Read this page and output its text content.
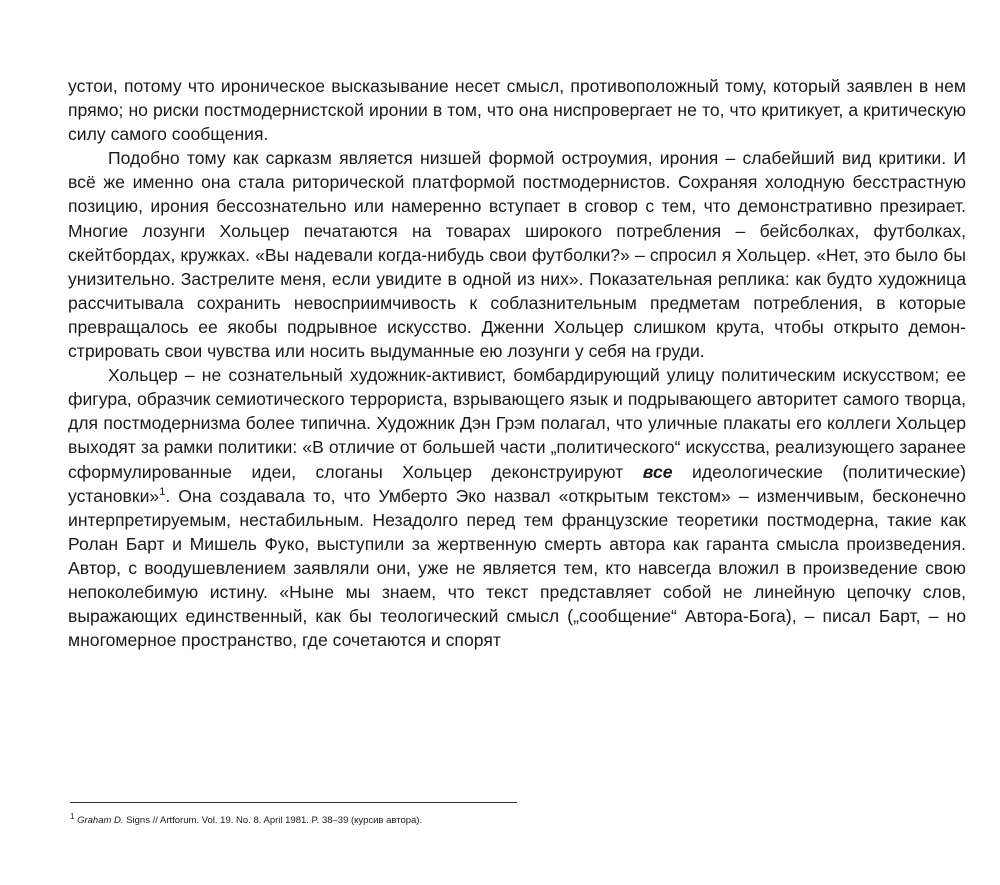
устои, потому что ироническое высказывание несет смысл, противоположный тому, который заявлен в нем прямо; но риски постмодернистской иронии в том, что она ниспровергает не то, что критикует, а критическую силу самого сообщения.

Подобно тому как сарказм является низшей формой остроумия, ирония – слабейший вид критики. И всё же именно она стала риторической платформой постмодернистов. Сохраняя холодную бесстрастную позицию, ирония бессознательно или намеренно вступает в сговор с тем, что демонстративно презирает. Многие лозунги Хольцер печатаются на товарах широкого потребления – бейсболках, футболках, скейтбордах, кружках. «Вы надевали когда-нибудь свои футболки?» – спросил я Хольцер. «Нет, это было бы унизительно. Застрелите меня, если увидите в одной из них». Показательная реплика: как будто художница рассчитывала сохранить невосприимчивость к соблазнительным предметам потребления, в которые превращалось ее якобы подрывное искусство. Дженни Хольцер слишком крута, чтобы открыто демонстрировать свои чувства или носить выдуманные ею лозунги у себя на груди.

Хольцер – не сознательный художник-активист, бомбардирующий улицу политическим искусством; ее фигура, образчик семиотического террориста, взрывающего язык и подрывающего авторитет самого творца, для постмодернизма более типична. Художник Дэн Грэм полагал, что уличные плакаты его коллеги Хольцер выходят за рамки политики: «В отличие от большей части „политического“ искусства, реализующего заранее сформулированные идеи, слоганы Хольцер деконструируют все идеологические (политические) установки»$^1$. Она создавала то, что Умберто Эко назвал «открытым текстом» – изменчивым, бесконечно интерпретируемым, нестабильным. Незадолго перед тем французские теоретики постмодерна, такие как Ролан Барт и Мишель Фуко, выступили за жертвенную смерть автора как гаранта смысла произведения. Автор, с воодушевлением заявляли они, уже не является тем, кто навсегда вложил в произведение свою непоколебимую истину. «Ныне мы знаем, что текст представляет собой не линейную цепочку слов, выражающих единственный, как бы теологический смысл („сообщение“ Автора-Бога), – писал Барт, – но многомерное пространство, где сочетаются и спорят

$^1$ Graham D. Signs // Artforum. Vol. 19. No. 8. April 1981. P. 38–39 (курсив автора).
